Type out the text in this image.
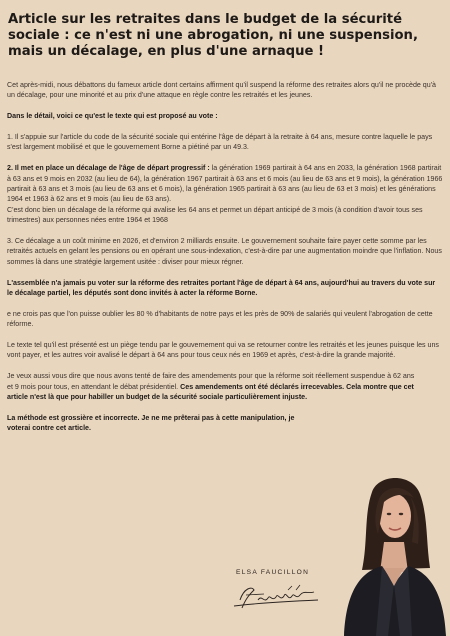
Article sur les retraites dans le budget de la sécurité sociale : ce n'est ni une abrogation, ni une suspension, mais un décalage, en plus d'une arnaque !

Cet après-midi, nous débattons du fameux article dont certains affirment qu'il suspend la réforme des retraites alors qu'il ne procède qu'à un décalage, pour une minorité et au prix d'une attaque en règle contre les retraités et les jeunes.

Dans le détail, voici ce qu'est le texte qui est proposé au vote :

1. Il s'appuie sur l'article du code de la sécurité sociale qui entérine l'âge de départ à la retraite à 64 ans, mesure contre laquelle le pays s'est largement mobilisé et que le gouvernement Borne a piétiné par un 49.3.

2. Il met en place un décalage de l'âge de départ progressif : la génération 1969 partirait à 64 ans en 2033, la génération 1968 partirait à 63 ans et 9 mois en 2032 (au lieu de 64), la génération 1967 partirait à 63 ans et 6 mois (au lieu de 63 ans et 9 mois), la génération 1966 partirait à 63 ans et 3 mois (au lieu de 63 ans et 6 mois), la génération 1965 partirait à 63 ans (au lieu de 63 et 3 mois) et les générations 1964 et 1963 à 62 ans et 9 mois (au lieu de 63 ans).

C'est donc bien un décalage de la réforme qui avalise les 64 ans et permet un départ anticipé de 3 mois (à condition d'avoir tous ses trimestres) aux personnes nées entre 1964 et 1968

3. Ce décalage a un coût minime en 2026, et d'environ 2 milliards ensuite. Le gouvernement souhaite faire payer cette somme par les retraités actuels en gelant les pensions ou en opérant une sous-indexation, c'est-à-dire par une augmentation moindre que l'inflation. Nous sommes là dans une stratégie largement usitée : diviser pour mieux régner.

L'assemblée n'a jamais pu voter sur la réforme des retraites portant l'âge de départ à 64 ans, aujourd'hui au travers du vote sur le décalage partiel, les députés sont donc invités à acter la réforme Borne.

e ne crois pas que l'on puisse oublier les 80 % d'habitants de notre pays et les près de 90% de salariés qui veulent l'abrogation de cette réforme.

Le texte tel qu'il est présenté est un piège tendu par le gouvernement qui va se retourner contre les retraités et les jeunes puisque les uns vont payer, et les autres voir avalisé le départ à 64 ans pour tous ceux nés en 1969 et après, c'est-à-dire la grande majorité.

Je veux aussi vous dire que nous avons tenté de faire des amendements pour que la réforme soit réellement suspendue à 62 ans et 9 mois pour tous, en attendant le débat présidentiel. Ces amendements ont été déclarés irrecevables. Cela montre que cet article n'est là que pour habiller un budget de la sécurité sociale particulièrement injuste.

La méthode est grossière et incorrecte. Je ne me prêterai pas à cette manipulation, je voterai contre cet article.

ELSA FAUCILLON
